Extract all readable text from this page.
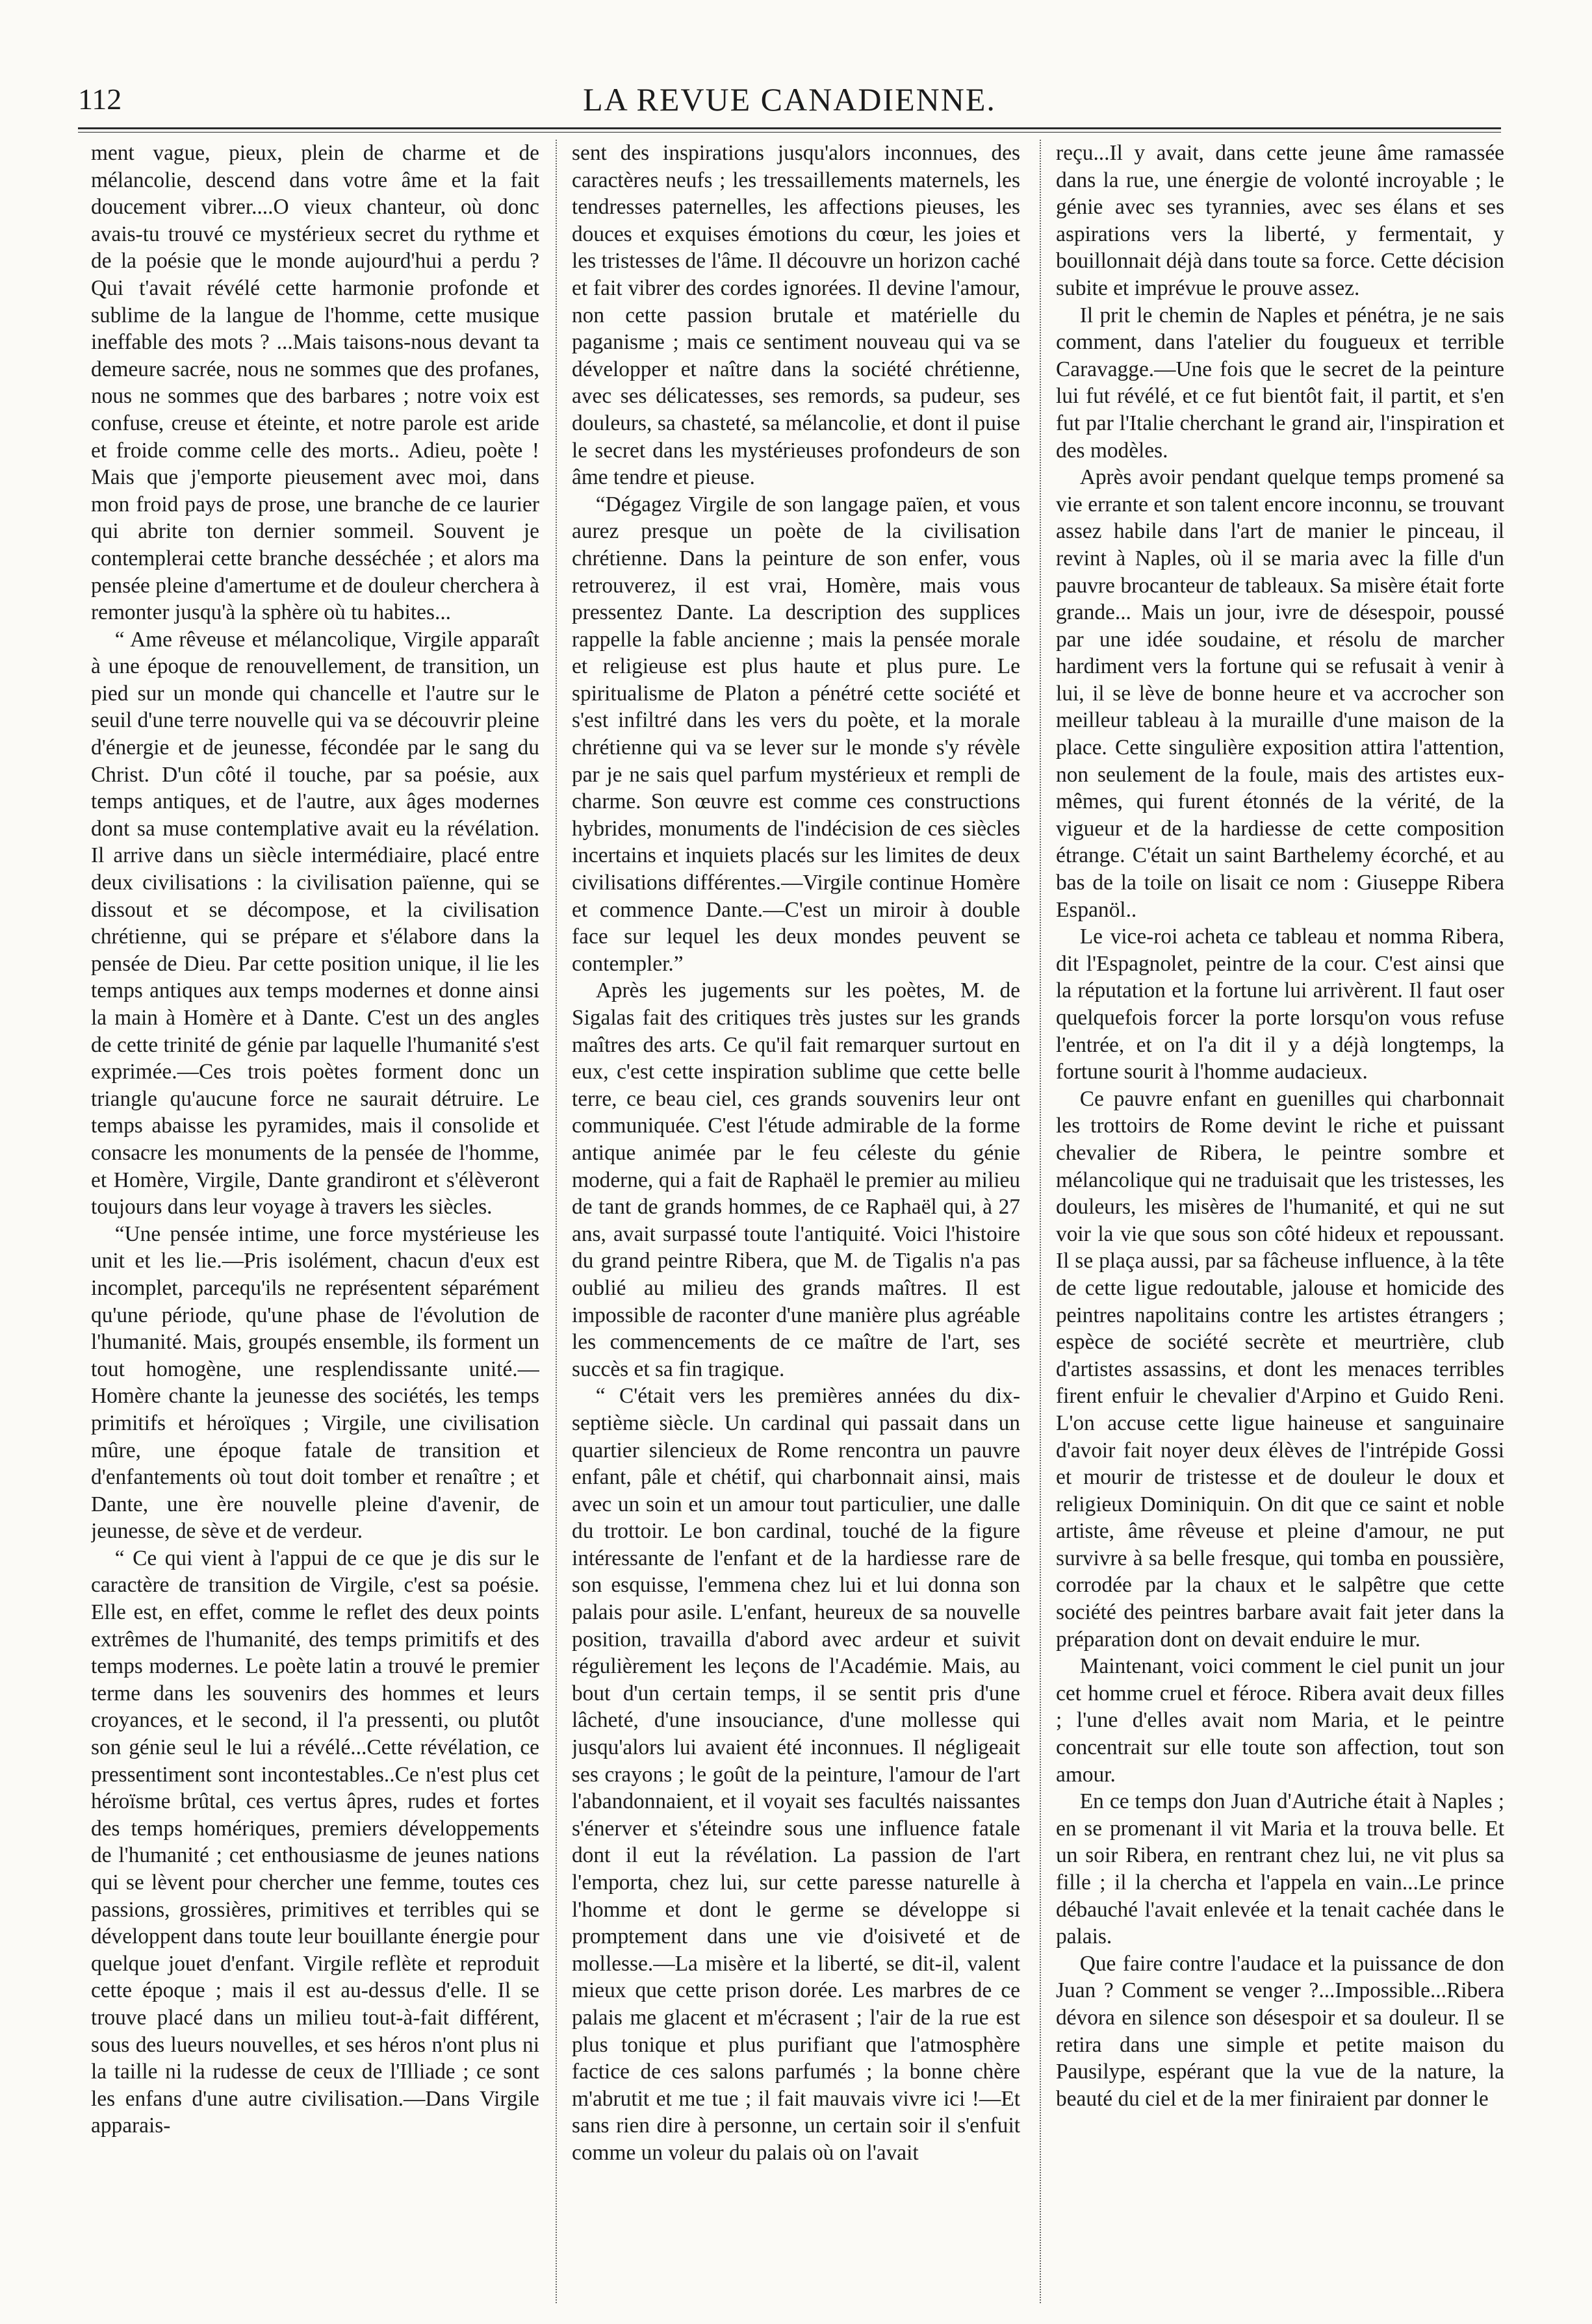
112	LA REVUE CANADIENNE.

ment vague, pieux, plein de charme et de mélancolie, descend dans votre âme et la fait doucement vibrer....O vieux chanteur, où donc avais-tu trouvé ce mystérieux secret du rythme et de la poésie que le monde aujourd'hui a perdu ? Qui t'avait révélé cette harmonie profonde et sublime de la langue de l'homme, cette musique ineffable des mots ? ...Mais taisons-nous devant ta demeure sacrée, nous ne sommes que des profanes, nous ne sommes que des barbares ; notre voix est confuse, creuse et éteinte, et notre parole est aride et froide comme celle des morts.. Adieu, poète ! Mais que j'emporte pieusement avec moi, dans mon froid pays de prose, une branche de ce laurier qui abrite ton dernier sommeil. Souvent je contemplerai cette branche desséchée ; et alors ma pensée pleine d'amertume et de douleur cherchera à remonter jusqu'à la sphère où tu habites...

“ Ame rêveuse et mélancolique, Virgile apparaît à une époque de renouvellement, de transition, un pied sur un monde qui chancelle et l'autre sur le seuil d'une terre nouvelle qui va se découvrir pleine d'énergie et de jeunesse, fécondée par le sang du Christ. D'un côté il touche, par sa poésie, aux temps antiques, et de l'autre, aux âges modernes dont sa muse contemplative avait eu la révélation. Il arrive dans un siècle intermédiaire, placé entre deux civilisations : la civilisation païenne, qui se dissout et se décompose, et la civilisation chrétienne, qui se prépare et s'élabore dans la pensée de Dieu. Par cette position unique, il lie les temps antiques aux temps modernes et donne ainsi la main à Homère et à Dante. C'est un des angles de cette trinité de génie par laquelle l'humanité s'est exprimée.—Ces trois poètes forment donc un triangle qu'aucune force ne saurait détruire. Le temps abaisse les pyramides, mais il consolide et consacre les monuments de la pensée de l'homme, et Homère, Virgile, Dante grandiront et s'élèveront toujours dans leur voyage à travers les siècles.

“Une pensée intime, une force mystérieuse les unit et les lie.—Pris isolément, chacun d'eux est incomplet, parcequ'ils ne représentent séparément qu'une période, qu'une phase de l'évolution de l'humanité. Mais, groupés ensemble, ils forment un tout homogène, une resplendissante unité.—Homère chante la jeunesse des sociétés, les temps primitifs et héroïques ; Virgile, une civilisation mûre, une époque fatale de transition et d'enfantements où tout doit tomber et renaître ; et Dante, une ère nouvelle pleine d'avenir, de jeunesse, de sève et de verdeur.

“ Ce qui vient à l'appui de ce que je dis sur le caractère de transition de Virgile, c'est sa poésie. Elle est, en effet, comme le reflet des deux points extrêmes de l'humanité, des temps primitifs et des temps modernes. Le poète latin a trouvé le premier terme dans les souvenirs des hommes et leurs croyances, et le second, il l'a pressenti, ou plutôt son génie seul le lui a révélé...Cette révélation, ce pressentiment sont incontestables..Ce n'est plus cet héroïsme brûtal, ces vertus âpres, rudes et fortes des temps homériques, premiers développements de l'humanité ; cet enthousiasme de jeunes nations qui se lèvent pour chercher une femme, toutes ces passions, grossières, primitives et terribles qui se développent dans toute leur bouillante énergie pour quelque jouet d'enfant. Virgile reflète et reproduit cette époque ; mais il est au-dessus d'elle. Il se trouve placé dans un milieu tout-à-fait différent, sous des lueurs nouvelles, et ses héros n'ont plus ni la taille ni la rudesse de ceux de l'Illiade ; ce sont les enfans d'une autre civilisation.—Dans Virgile apparais-

sent des inspirations jusqu'alors inconnues, des caractères neufs ; les tressaillements maternels, les tendresses paternelles, les affections pieuses, les douces et exquises émotions du cœur, les joies et les tristesses de l'âme. Il découvre un horizon caché et fait vibrer des cordes ignorées. Il devine l'amour, non cette passion brutale et matérielle du paganisme ; mais ce sentiment nouveau qui va se développer et naître dans la société chrétienne, avec ses délicatesses, ses remords, sa pudeur, ses douleurs, sa chasteté, sa mélancolie, et dont il puise le secret dans les mystérieuses profondeurs de son âme tendre et pieuse.

“Dégagez Virgile de son langage païen, et vous aurez presque un poète de la civilisation chrétienne. Dans la peinture de son enfer, vous retrouverez, il est vrai, Homère, mais vous pressentez Dante. La description des supplices rappelle la fable ancienne ; mais la pensée morale et religieuse est plus haute et plus pure. Le spiritualisme de Platon a pénétré cette société et s'est infiltré dans les vers du poète, et la morale chrétienne qui va se lever sur le monde s'y révèle par je ne sais quel parfum mystérieux et rempli de charme. Son œuvre est comme ces constructions hybrides, monuments de l'indécision de ces siècles incertains et inquiets placés sur les limites de deux civilisations différentes.—Virgile continue Homère et commence Dante.—C'est un miroir à double face sur lequel les deux mondes peuvent se contempler.”

Après les jugements sur les poètes, M. de Sigalas fait des critiques très justes sur les grands maîtres des arts. Ce qu'il fait remarquer surtout en eux, c'est cette inspiration sublime que cette belle terre, ce beau ciel, ces grands souvenirs leur ont communiquée. C'est l'étude admirable de la forme antique animée par le feu céleste du génie moderne, qui a fait de Raphaël le premier au milieu de tant de grands hommes, de ce Raphaël qui, à 27 ans, avait surpassé toute l'antiquité. Voici l'histoire du grand peintre Ribera, que M. de Tigalis n'a pas oublié au milieu des grands maîtres. Il est impossible de raconter d'une manière plus agréable les commencements de ce maître de l'art, ses succès et sa fin tragique.

“ C'était vers les premières années du dix-septième siècle. Un cardinal qui passait dans un quartier silencieux de Rome rencontra un pauvre enfant, pâle et chétif, qui charbonnait ainsi, mais avec un soin et un amour tout particulier, une dalle du trottoir. Le bon cardinal, touché de la figure intéressante de l'enfant et de la hardiesse rare de son esquisse, l'emmena chez lui et lui donna son palais pour asile. L'enfant, heureux de sa nouvelle position, travailla d'abord avec ardeur et suivit régulièrement les leçons de l'Académie. Mais, au bout d'un certain temps, il se sentit pris d'une lâcheté, d'une insouciance, d'une mollesse qui jusqu'alors lui avaient été inconnues. Il négligeait ses crayons ; le goût de la peinture, l'amour de l'art l'abandonnaient, et il voyait ses facultés naissantes s'énerver et s'éteindre sous une influence fatale dont il eut la révélation. La passion de l'art l'emporta, chez lui, sur cette paresse naturelle à l'homme et dont le germe se développe si promptement dans une vie d'oisiveté et de mollesse.—La misère et la liberté, se dit-il, valent mieux que cette prison dorée. Les marbres de ce palais me glacent et m'écrasent ; l'air de la rue est plus tonique et plus purifiant que l'atmosphère factice de ces salons parfumés ; la bonne chère m'abrutit et me tue ; il fait mauvais vivre ici !—Et sans rien dire à personne, un certain soir il s'enfuit comme un voleur du palais où on l'avait

reçu...Il y avait, dans cette jeune âme ramassée dans la rue, une énergie de volonté incroyable ; le génie avec ses tyrannies, avec ses élans et ses aspirations vers la liberté, y fermentait, y bouillonnait déjà dans toute sa force. Cette décision subite et imprévue le prouve assez.

Il prit le chemin de Naples et pénétra, je ne sais comment, dans l'atelier du fougueux et terrible Caravagge.—Une fois que le secret de la peinture lui fut révélé, et ce fut bientôt fait, il partit, et s'en fut par l'Italie cherchant le grand air, l'inspiration et des modèles.

Après avoir pendant quelque temps promené sa vie errante et son talent encore inconnu, se trouvant assez habile dans l'art de manier le pinceau, il revint à Naples, où il se maria avec la fille d'un pauvre brocanteur de tableaux. Sa misère était forte grande... Mais un jour, ivre de désespoir, poussé par une idée soudaine, et résolu de marcher hardiment vers la fortune qui se refusait à venir à lui, il se lève de bonne heure et va accrocher son meilleur tableau à la muraille d'une maison de la place. Cette singulière exposition attira l'attention, non seulement de la foule, mais des artistes eux-mêmes, qui furent étonnés de la vérité, de la vigueur et de la hardiesse de cette composition étrange. C'était un saint Barthelemy écorché, et au bas de la toile on lisait ce nom : Giuseppe Ribera Espanöl..

Le vice-roi acheta ce tableau et nomma Ribera, dit l'Espagnolet, peintre de la cour. C'est ainsi que la réputation et la fortune lui arrivèrent. Il faut oser quelquefois forcer la porte lorsqu'on vous refuse l'entrée, et on l'a dit il y a déjà longtemps, la fortune sourit à l'homme audacieux.

Ce pauvre enfant en guenilles qui charbonnait les trottoirs de Rome devint le riche et puissant chevalier de Ribera, le peintre sombre et mélancolique qui ne traduisait que les tristesses, les douleurs, les misères de l'humanité, et qui ne sut voir la vie que sous son côté hideux et repoussant. Il se plaça aussi, par sa fâcheuse influence, à la tête de cette ligue redoutable, jalouse et homicide des peintres napolitains contre les artistes étrangers ; espèce de société secrète et meurtrière, club d'artistes assassins, et dont les menaces terribles firent enfuir le chevalier d'Arpino et Guido Reni. L'on accuse cette ligue haineuse et sanguinaire d'avoir fait noyer deux élèves de l'intrépide Gossi et mourir de tristesse et de douleur le doux et religieux Dominiquin. On dit que ce saint et noble artiste, âme rêveuse et pleine d'amour, ne put survivre à sa belle fresque, qui tomba en poussière, corrodée par la chaux et le salpêtre que cette société des peintres barbare avait fait jeter dans la préparation dont on devait enduire le mur.

Maintenant, voici comment le ciel punit un jour cet homme cruel et féroce. Ribera avait deux filles ; l'une d'elles avait nom Maria, et le peintre concentrait sur elle toute son affection, tout son amour.

En ce temps don Juan d'Autriche était à Naples ; en se promenant il vit Maria et la trouva belle. Et un soir Ribera, en rentrant chez lui, ne vit plus sa fille ; il la chercha et l'appela en vain...Le prince débauché l'avait enlevée et la tenait cachée dans le palais.

Que faire contre l'audace et la puissance de don Juan ? Comment se venger ?...Impossible...Ribera dévora en silence son désespoir et sa douleur. Il se retira dans une simple et petite maison du Pausilype, espérant que la vue de la nature, la beauté du ciel et de la mer finiraient par donner le
